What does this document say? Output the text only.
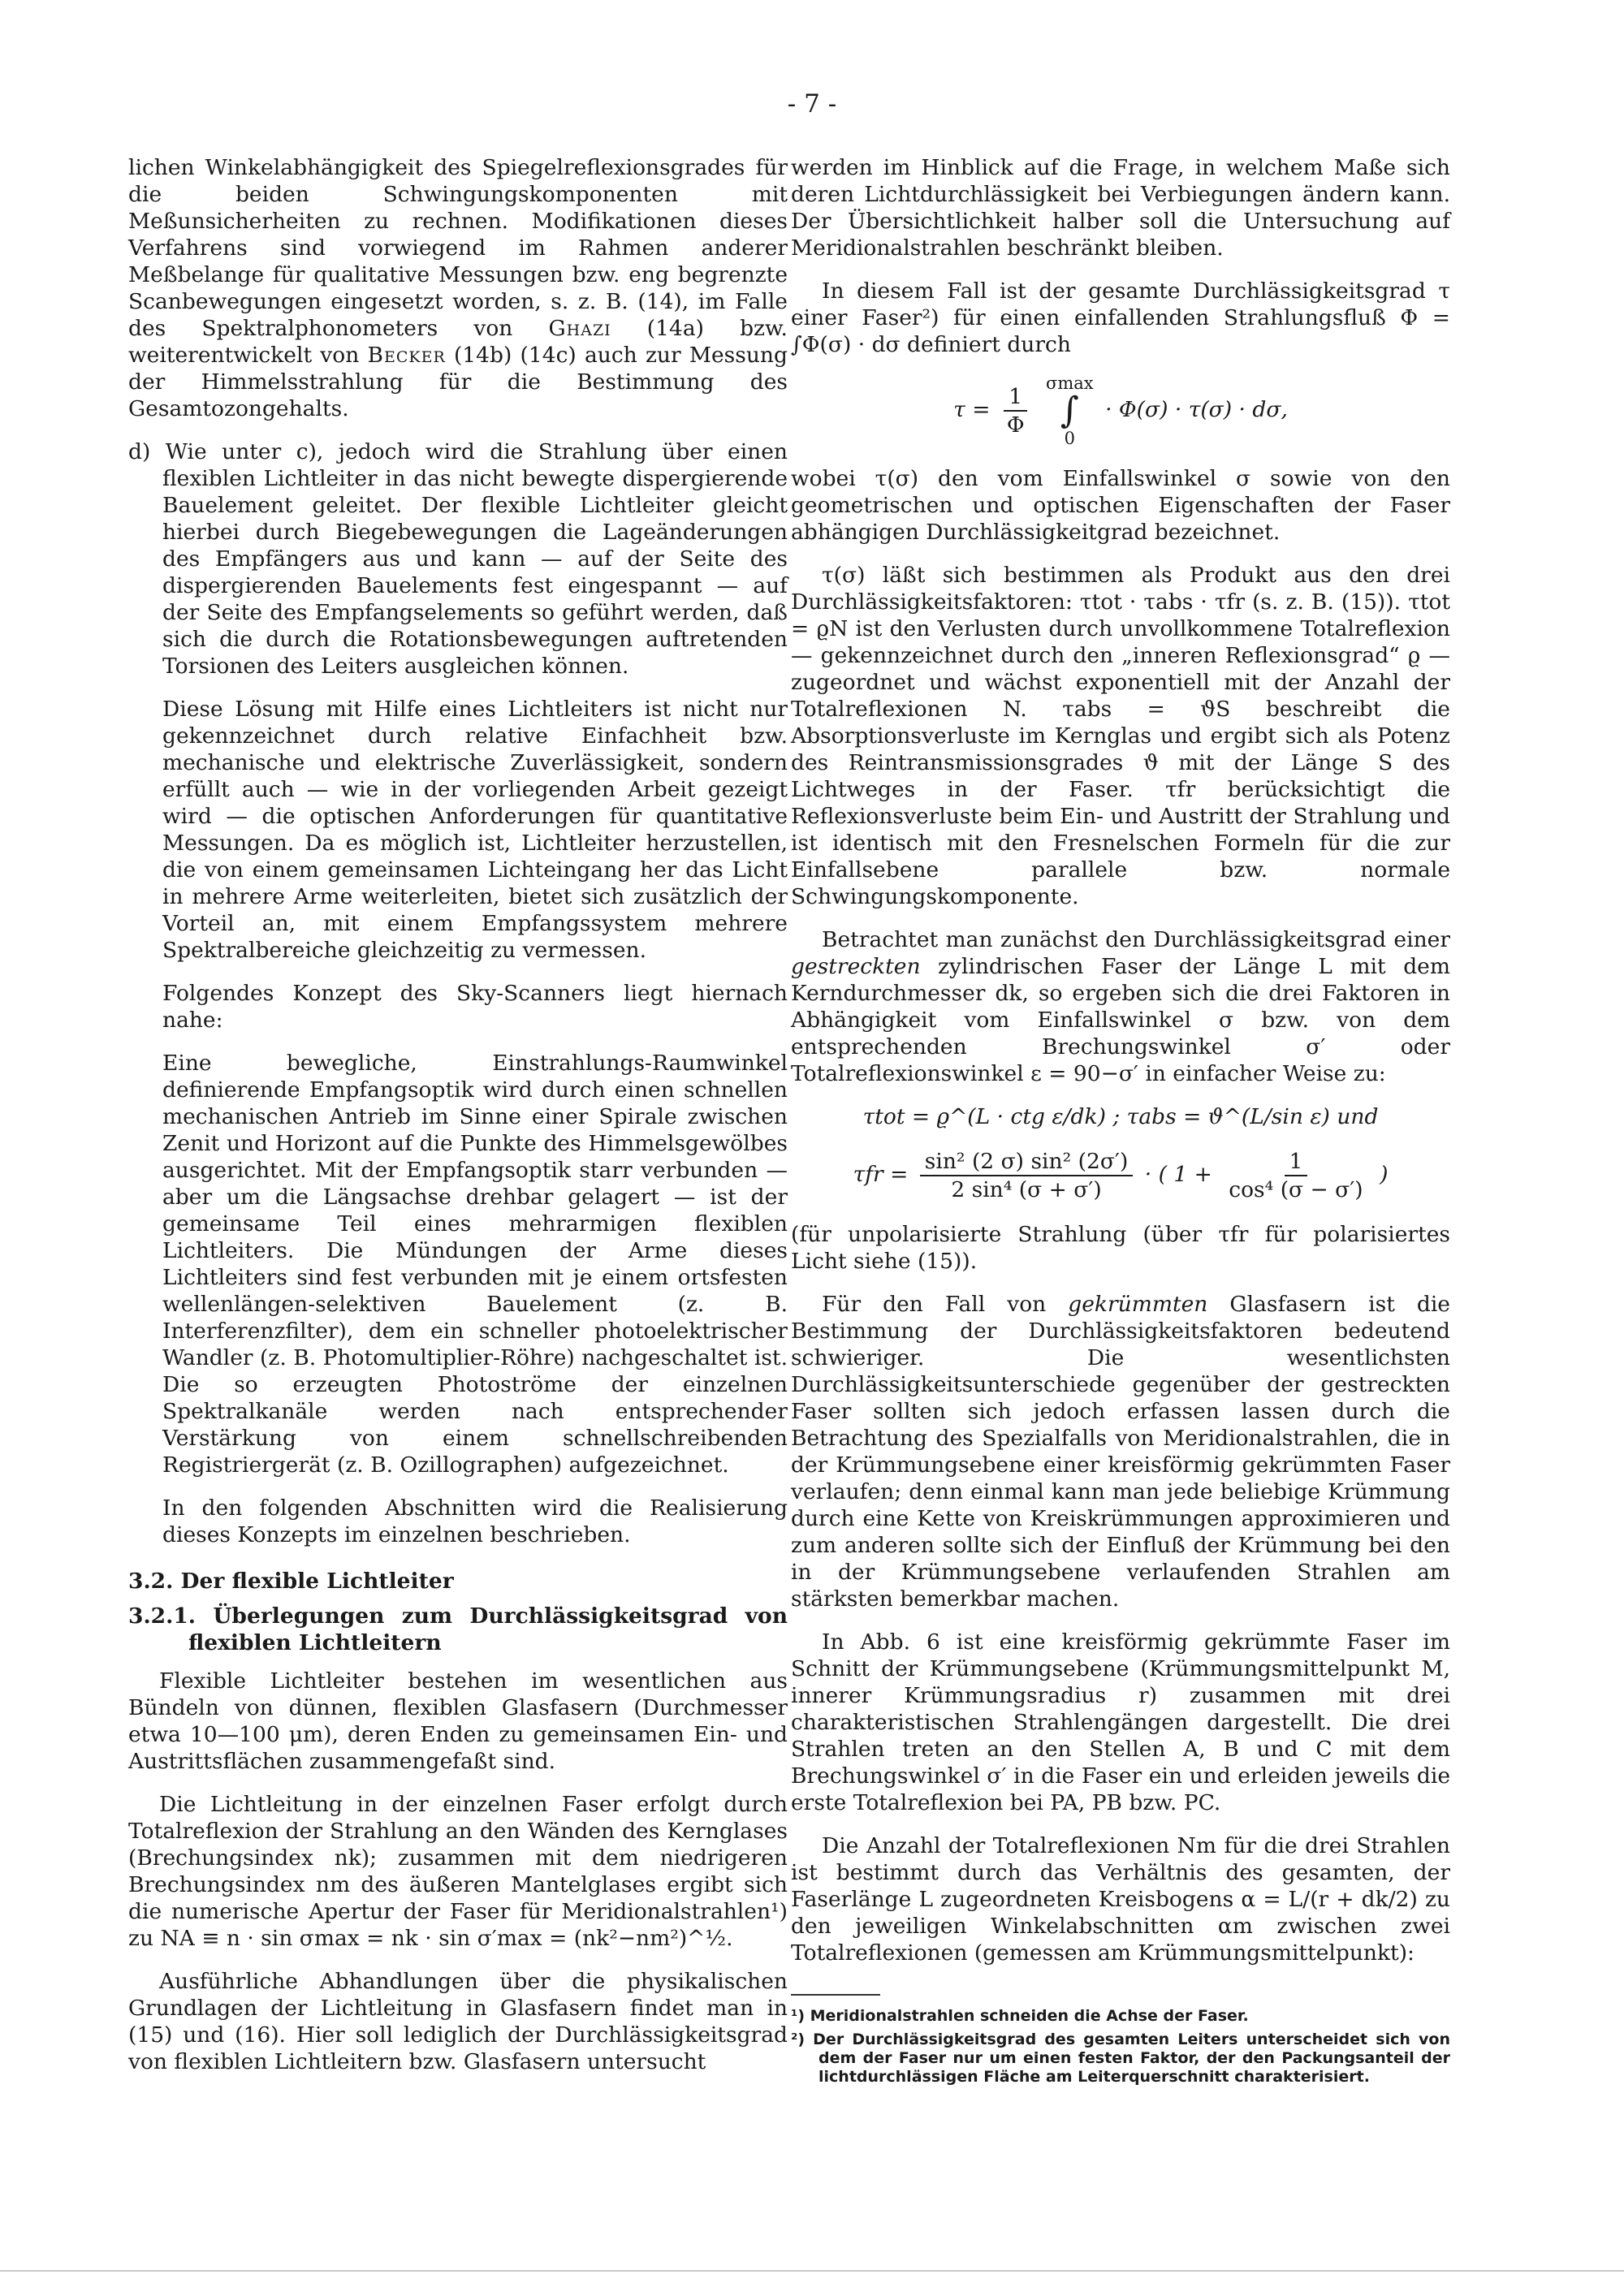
- 7 -

lichen Winkelabhängigkeit des Spiegelreflexionsgrades für die beiden Schwingungskomponenten mit Meßunsicherheiten zu rechnen. Modifikationen dieses Verfahrens sind vorwiegend im Rahmen anderer Meßbelange für qualitative Messungen bzw. eng begrenzte Scanbewegungen eingesetzt worden, s. z. B. (14), im Falle des Spektralphonometers von Ghazi (14a) bzw. weiterentwickelt von Becker (14b) (14c) auch zur Messung der Himmelsstrahlung für die Bestimmung des Gesamtozongehalts.

d) Wie unter c), jedoch wird die Strahlung über einen flexiblen Lichtleiter in das nicht bewegte dispergierende Bauelement geleitet. Der flexible Lichtleiter gleicht hierbei durch Biegebewegungen die Lageänderungen des Empfängers aus und kann — auf der Seite des dispergierenden Bauelements fest eingespannt — auf der Seite des Empfangselements so geführt werden, daß sich die durch die Rotationsbewegungen auftretenden Torsionen des Leiters ausgleichen können.

Diese Lösung mit Hilfe eines Lichtleiters ist nicht nur gekennzeichnet durch relative Einfachheit bzw. mechanische und elektrische Zuverlässigkeit, sondern erfüllt auch — wie in der vorliegenden Arbeit gezeigt wird — die optischen Anforderungen für quantitative Messungen. Da es möglich ist, Lichtleiter herzustellen, die von einem gemeinsamen Lichteingang her das Licht in mehrere Arme weiterleiten, bietet sich zusätzlich der Vorteil an, mit einem Empfangssystem mehrere Spektralbereiche gleichzeitig zu vermessen.

Folgendes Konzept des Sky-Scanners liegt hiernach nahe:

Eine bewegliche, Einstrahlungs-Raumwinkel definierende Empfangsoptik wird durch einen schnellen mechanischen Antrieb im Sinne einer Spirale zwischen Zenit und Horizont auf die Punkte des Himmelsgewölbes ausgerichtet. Mit der Empfangsoptik starr verbunden — aber um die Längsachse drehbar gelagert — ist der gemeinsame Teil eines mehrarmigen flexiblen Lichtleiters. Die Mündungen der Arme dieses Lichtleiters sind fest verbunden mit je einem ortsfesten wellenlängen-selektiven Bauelement (z. B. Interferenzfilter), dem ein schneller photoelektrischer Wandler (z. B. Photomultiplier-Röhre) nachgeschaltet ist. Die so erzeugten Photoströme der einzelnen Spektralkanäle werden nach entsprechender Verstärkung von einem schnellschreibenden Registriergerät (z. B. Ozillographen) aufgezeichnet.

In den folgenden Abschnitten wird die Realisierung dieses Konzepts im einzelnen beschrieben.

3.2. Der flexible Lichtleiter
3.2.1. Überlegungen zum Durchlässigkeitsgrad von flexiblen Lichtleitern

Flexible Lichtleiter bestehen im wesentlichen aus Bündeln von dünnen, flexiblen Glasfasern (Durchmesser etwa 10—100 μm), deren Enden zu gemeinsamen Ein- und Austrittsflächen zusammengefaßt sind.

Die Lichtleitung in der einzelnen Faser erfolgt durch Totalreflexion der Strahlung an den Wänden des Kernglases (Brechungsindex nk); zusammen mit dem niedrigeren Brechungsindex nm des äußeren Mantelglases ergibt sich die numerische Apertur der Faser für Meridionalstrahlen¹) zu NA ≡ n · sin σmax = nk · sin σ′max = (nk²−nm²)^½.

Ausführliche Abhandlungen über die physikalischen Grundlagen der Lichtleitung in Glasfasern findet man in (15) und (16). Hier soll lediglich der Durchlässigkeitsgrad von flexiblen Lichtleitern bzw. Glasfasern untersucht

werden im Hinblick auf die Frage, in welchem Maße sich deren Lichtdurchlässigkeit bei Verbiegungen ändern kann. Der Übersichtlichkeit halber soll die Untersuchung auf Meridionalstrahlen beschränkt bleiben.

In diesem Fall ist der gesamte Durchlässigkeitsgrad τ einer Faser²) für einen einfallenden Strahlungsfluß Φ = ∫Φ(σ) · dσ definiert durch

$\tau = \frac{1}{\Phi}$
σmax
∫
0
· Φ(σ) · τ(σ) · dσ,

wobei τ(σ) den vom Einfallswinkel σ sowie von den geometrischen und optischen Eigenschaften der Faser abhängigen Durchlässigkeitgrad bezeichnet.

τ(σ) läßt sich bestimmen als Produkt aus den drei Durchlässigkeitsfaktoren: τtot · τabs · τfr (s. z. B. (15)). τtot = ϱN ist den Verlusten durch unvollkommene Totalreflexion — gekennzeichnet durch den „inneren Reflexionsgrad“ ϱ — zugeordnet und wächst exponentiell mit der Anzahl der Totalreflexionen N. τabs = ϑS beschreibt die Absorptionsverluste im Kernglas und ergibt sich als Potenz des Reintransmissionsgrades ϑ mit der Länge S des Lichtweges in der Faser. τfr berücksichtigt die Reflexionsverluste beim Ein- und Austritt der Strahlung und ist identisch mit den Fresnelschen Formeln für die zur Einfallsebene parallele bzw. normale Schwingungskomponente.

Betrachtet man zunächst den Durchlässigkeitsgrad einer gestreckten zylindrischen Faser der Länge L mit dem Kerndurchmesser dk, so ergeben sich die drei Faktoren in Abhängigkeit vom Einfallswinkel σ bzw. von dem entsprechenden Brechungswinkel σ′ oder Totalreflexionswinkel ε = 90−σ′ in einfacher Weise zu:

τtot = ϱ^(L · ctg ε/dk) ; τabs = ϑ^(L/sin ε) und
$\tau fr = \frac{\text{sin² (2 σ) sin² (2σ′)}}{\text{2 sin⁴ (σ + σ′)}}$ · ( $1 + \frac{1}{\text{cos⁴ (σ − σ′)}}$ )

(für unpolarisierte Strahlung (über τfr für polarisiertes Licht siehe (15)).

Für den Fall von gekrümmten Glasfasern ist die Bestimmung der Durchlässigkeitsfaktoren bedeutend schwieriger. Die wesentlichsten Durchlässigkeitsunterschiede gegenüber der gestreckten Faser sollten sich jedoch erfassen lassen durch die Betrachtung des Spezialfalls von Meridionalstrahlen, die in der Krümmungsebene einer kreisförmig gekrümmten Faser verlaufen; denn einmal kann man jede beliebige Krümmung durch eine Kette von Kreiskrümmungen approximieren und zum anderen sollte sich der Einfluß der Krümmung bei den in der Krümmungsebene verlaufenden Strahlen am stärksten bemerkbar machen.

In Abb. 6 ist eine kreisförmig gekrümmte Faser im Schnitt der Krümmungsebene (Krümmungsmittelpunkt M, innerer Krümmungsradius r) zusammen mit drei charakteristischen Strahlengängen dargestellt. Die drei Strahlen treten an den Stellen A, B und C mit dem Brechungswinkel σ′ in die Faser ein und erleiden jeweils die erste Totalreflexion bei PA, PB bzw. PC.

Die Anzahl der Totalreflexionen Nm für die drei Strahlen ist bestimmt durch das Verhältnis des gesamten, der Faserlänge L zugeordneten Kreisbogens α = L/(r + dk/2) zu den jeweiligen Winkelabschnitten αm zwischen zwei Totalreflexionen (gemessen am Krümmungsmittelpunkt):

¹) Meridionalstrahlen schneiden die Achse der Faser.

²) Der Durchlässigkeitsgrad des gesamten Leiters unterscheidet sich von dem der Faser nur um einen festen Faktor, der den Packungsanteil der lichtdurchlässigen Fläche am Leiterquerschnitt charakterisiert.
